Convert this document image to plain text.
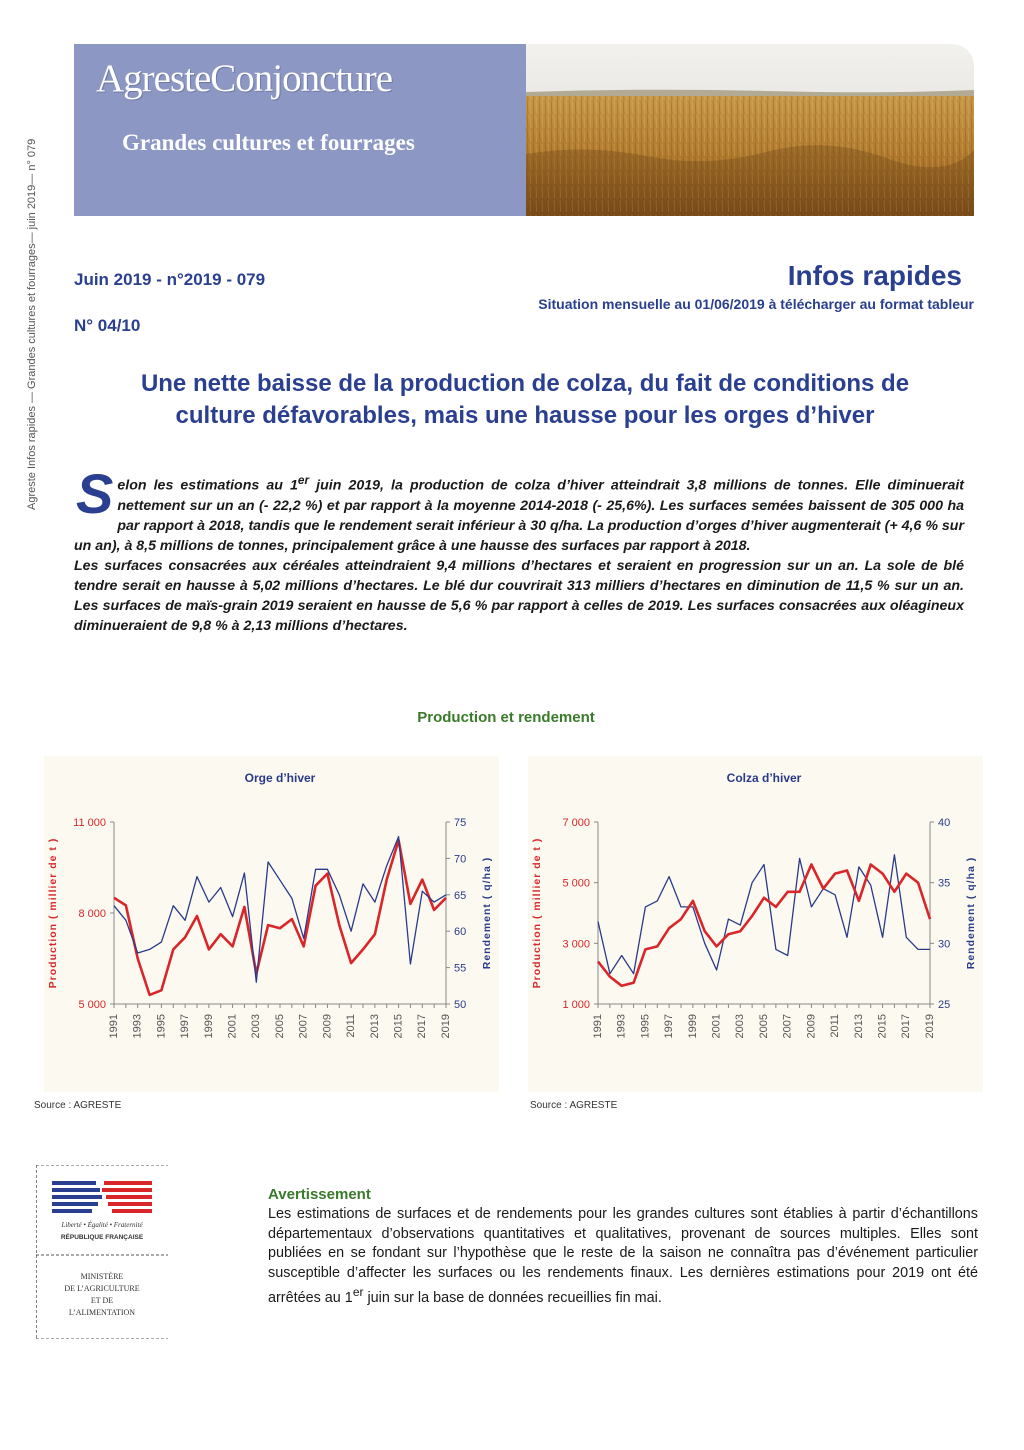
Agreste Infos rapides — Grandes cultures et fourrages— juin 2019— n° 079
AgresteConjoncture
Grandes cultures et fourrages
Juin 2019 - n°2019 - 079
N° 04/10
Infos rapides
Situation mensuelle au 01/06/2019 à télécharger au format tableur
Une nette baisse de la production de colza, du fait de conditions de
culture défavorables, mais une hausse pour les orges d’hiver
S elon les estimations au 1er juin 2019, la production de colza d’hiver atteindrait 3,8 millions de tonnes. Elle diminuerait nettement sur un an (- 22,2 %) et par rapport à la moyenne 2014-2018 (- 25,6%). Les surfaces semées baissent de 305 000 ha par rapport à 2018, tandis que le rendement serait inférieur à 30 q/ha. La production d’orges d’hiver augmenterait (+ 4,6 % sur un an), à 8,5 millions de tonnes, principalement grâce à une hausse des surfaces par rapport à 2018.

Les surfaces consacrées aux céréales atteindraient 9,4 millions d’hectares et seraient en progression sur un an. La sole de blé tendre serait en hausse à 5,02 millions d’hectares. Le blé dur couvrirait 313 milliers d’hectares en diminution de 11,5 % sur un an. Les surfaces de maïs-grain 2019 seraient en hausse de 5,6 % par rapport à celles de 2019. Les surfaces consacrées aux oléagineux diminueraient de 9,8 % à 2,13 millions d’hectares.

Production et rendement
Orge d’hiver
5 000
8 000
11 000
50
55
60
65
70
75
1991 1993 1995 1997 1999 2001 2003 2005 2007 2009 2011 2013 2015 2017 2019
Production ( millier de t )	Rendement ( q/ha )
Colza d’hiver
1 000
3 000
5 000
7 000
25
30
35
40
1991 1993 1995 1997 1999 2001 2003 2005 2007 2009 2011 2013 2015 2017 2019
Production ( millier de t )	Rendement ( q/ha )
Source : AGRESTE	Source : AGRESTE
Liberté • Égalité • Fraternité
RÉPUBLIQUE FRANÇAISE
MINISTÈRE
DE L’AGRICULTURE
ET DE
L’ALIMENTATION
Avertissement
Les estimations de surfaces et de rendements pour les grandes cultures sont établies à partir d’échantillons départementaux d’observations quantitatives et qualitatives, provenant de sources multiples. Elles sont publiées en se fondant sur l’hypothèse que le reste de la saison ne connaîtra pas d’événement particulier susceptible d’affecter les surfaces ou les rendements finaux. Les dernières estimations pour 2019 ont été arrêtées au 1er juin sur la base de données recueillies fin mai.
